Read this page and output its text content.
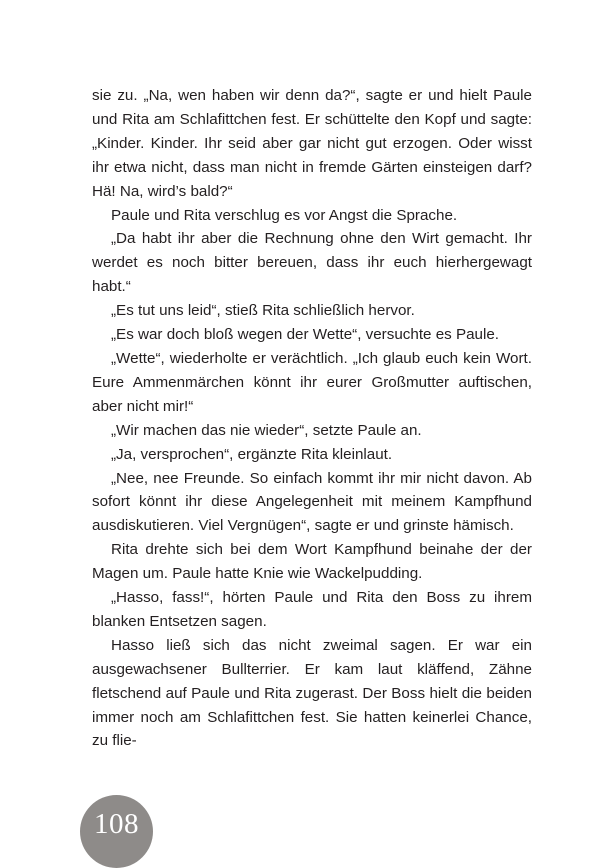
sie zu. „Na, wen haben wir denn da?“, sagte er und hielt Paule und Rita am Schlafittchen fest. Er schüttelte den Kopf und sagte: „Kinder. Kinder. Ihr seid aber gar nicht gut erzogen. Oder wisst ihr etwa nicht, dass man nicht in fremde Gärten einsteigen darf? Hä! Na, wird’s bald?“

Paule und Rita verschlug es vor Angst die Sprache.

„Da habt ihr aber die Rechnung ohne den Wirt gemacht. Ihr werdet es noch bitter bereuen, dass ihr euch hierhergewagt habt.“

„Es tut uns leid“, stieß Rita schließlich hervor.

„Es war doch bloß wegen der Wette“, versuchte es Paule.

„Wette“, wiederholte er verächtlich. „Ich glaub euch kein Wort. Eure Ammenmärchen könnt ihr eurer Großmutter auftischen, aber nicht mir!“

„Wir machen das nie wieder“, setzte Paule an.

„Ja, versprochen“, ergänzte Rita kleinlaut.

„Nee, nee Freunde. So einfach kommt ihr mir nicht davon. Ab sofort könnt ihr diese Angelegenheit mit meinem Kampfhund ausdiskutieren. Viel Vergnügen“, sagte er und grinste hämisch.

Rita drehte sich bei dem Wort Kampfhund beinahe der der Magen um. Paule hatte Knie wie Wackelpudding.

„Hasso, fass!“, hörten Paule und Rita den Boss zu ihrem blanken Entsetzen sagen.

Hasso ließ sich das nicht zweimal sagen. Er war ein ausgewachsener Bullterrier. Er kam laut kläffend, Zähne fletschend auf Paule und Rita zugerast. Der Boss hielt die beiden immer noch am Schlafittchen fest. Sie hatten keinerlei Chance, zu flie-

108
